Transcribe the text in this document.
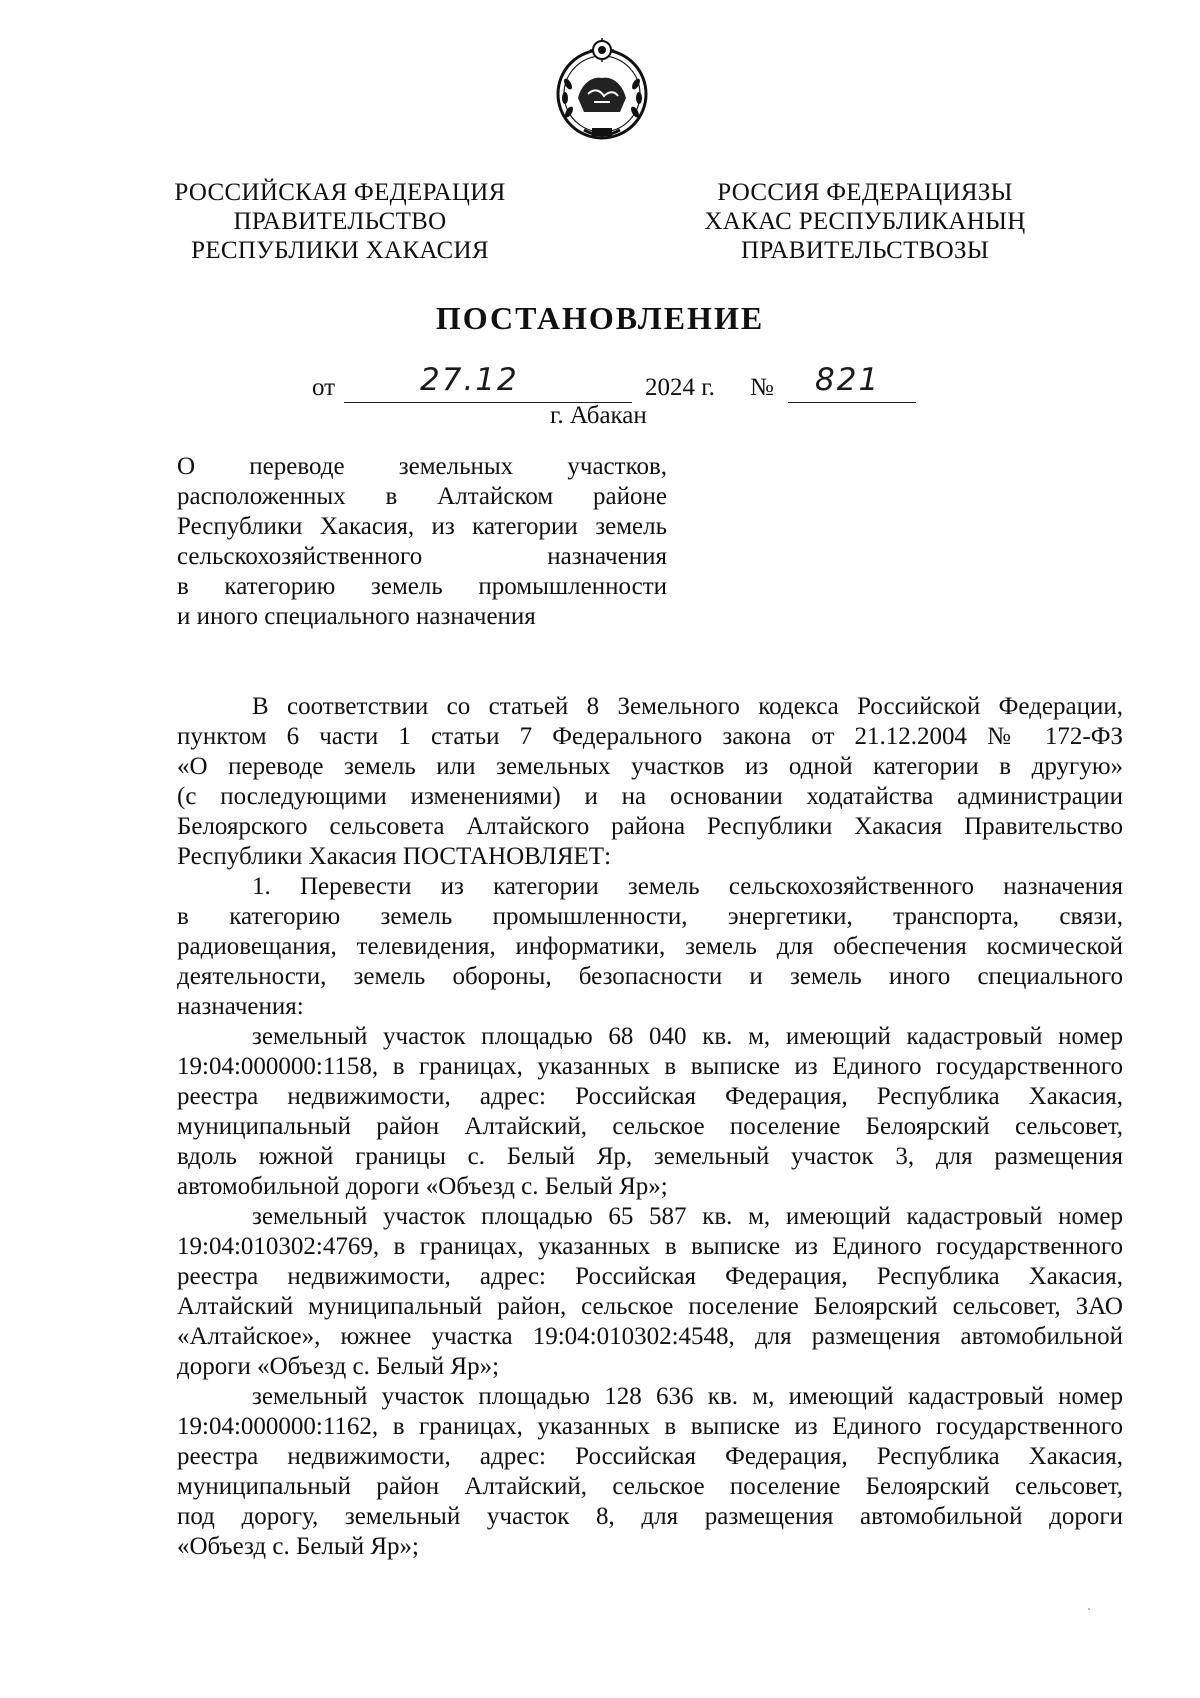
РОССИЙСКАЯ ФЕДЕРАЦИЯ
ПРАВИТЕЛЬСТВО
РЕСПУБЛИКИ ХАКАСИЯ
РОССИЯ ФЕДЕРАЦИЯЗЫ
ХАКАС РЕСПУБЛИКАНЫҢ
ПРАВИТЕЛЬСТВОЗЫ
ПОСТАНОВЛЕНИЕ
от	27.12	2024 г. № 821
г. Абакан
О переводе земельных участков,
расположенных в Алтайском районе
Республики Хакасия, из категории земель
сельскохозяйственного назначения
в категорию земель промышленности
и иного специального назначения
В соответствии со статьей 8 Земельного кодекса Российской Федерации,
пунктом 6 части 1 статьи 7 Федерального закона от 21.12.2004 № 172-ФЗ
«О переводе земель или земельных участков из одной категории в другую»
(с последующими изменениями) и на основании ходатайства администрации
Белоярского сельсовета Алтайского района Республики Хакасия Правительство
Республики Хакасия ПОСТАНОВЛЯЕТ:
1. Перевести из категории земель сельскохозяйственного назначения
в категорию земель промышленности, энергетики, транспорта, связи,
радиовещания, телевидения, информатики, земель для обеспечения космической
деятельности, земель обороны, безопасности и земель иного специального
назначения:
земельный участок площадью 68 040 кв. м, имеющий кадастровый номер
19:04:000000:1158, в границах, указанных в выписке из Единого государственного
реестра недвижимости, адрес: Российская Федерация, Республика Хакасия,
муниципальный район Алтайский, сельское поселение Белоярский сельсовет,
вдоль южной границы с. Белый Яр, земельный участок 3, для размещения
автомобильной дороги «Объезд с. Белый Яр»;
земельный участок площадью 65 587 кв. м, имеющий кадастровый номер
19:04:010302:4769, в границах, указанных в выписке из Единого государственного
реестра недвижимости, адрес: Российская Федерация, Республика Хакасия,
Алтайский муниципальный район, сельское поселение Белоярский сельсовет, ЗАО
«Алтайское», южнее участка 19:04:010302:4548, для размещения автомобильной
дороги «Объезд с. Белый Яр»;
земельный участок площадью 128 636 кв. м, имеющий кадастровый номер
19:04:000000:1162, в границах, указанных в выписке из Единого государственного
реестра недвижимости, адрес: Российская Федерация, Республика Хакасия,
муниципальный район Алтайский, сельское поселение Белоярский сельсовет,
под дорогу, земельный участок 8, для размещения автомобильной дороги
«Объезд с. Белый Яр»;
